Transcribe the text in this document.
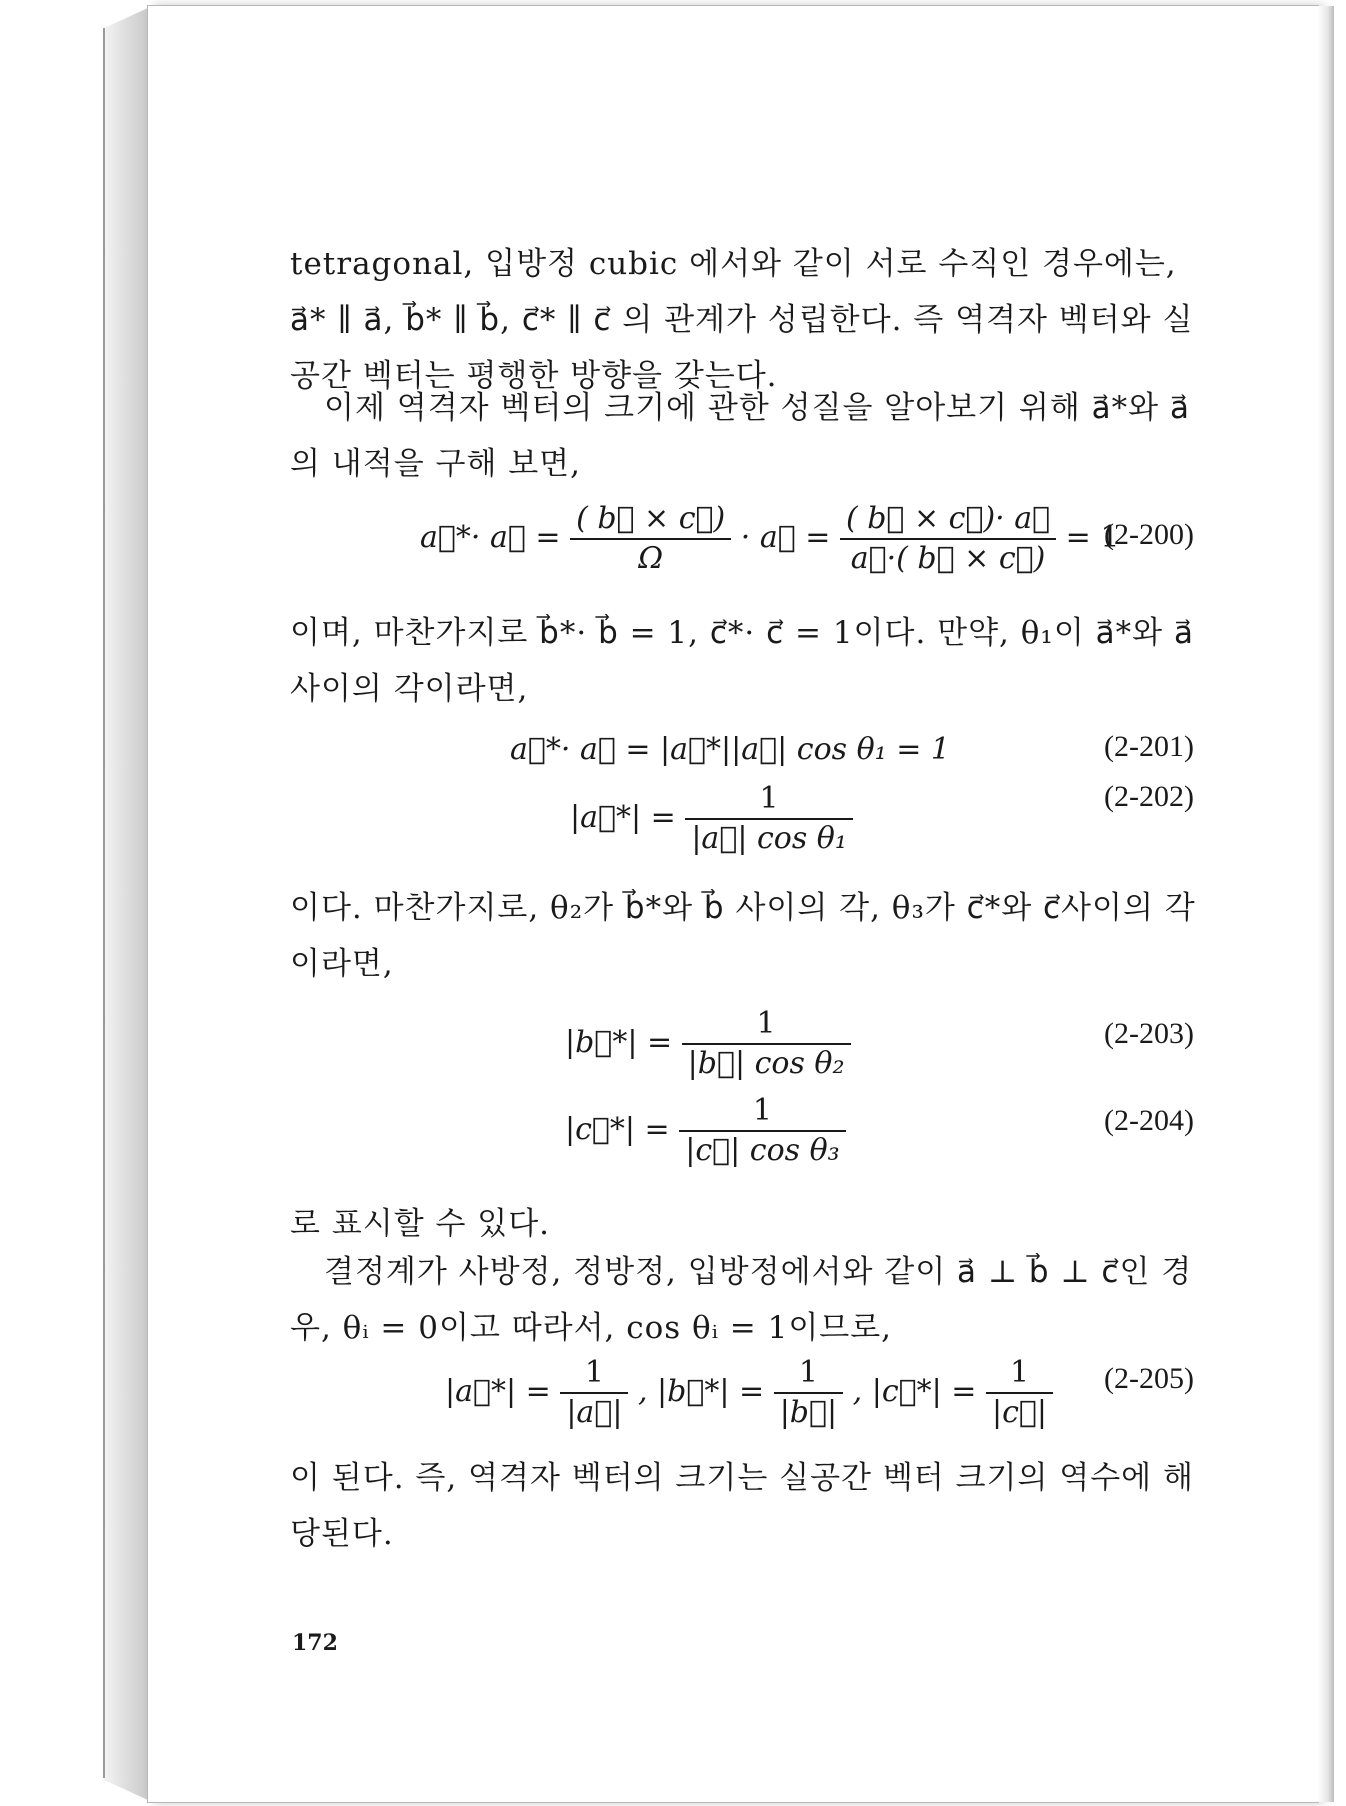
tetragonal, 입방정 cubic 에서와 같이 서로 수직인 경우에는, a⃗* ∥ a⃗, b⃗* ∥ b⃗, c⃗* ∥ c⃗ 의 관계가 성립한다. 즉 역격자 벡터와 실공간 벡터는 평행한 방향을 갖는다.

이제 역격자 벡터의 크기에 관한 성질을 알아보기 위해 a⃗*와 a⃗의 내적을 구해 보면,

a⃗*· a⃗ = $\frac{( b⃗ \times c⃗)}{\Omega}$ · a⃗ = $\frac{( b⃗ \times c⃗)\cdot a⃗}{a⃗\cdot( b⃗ \times c⃗)} = 1$
(2-200)

이며, 마찬가지로 b⃗*· b⃗ = 1, c⃗*· c⃗ = 1이다. 만약, θ₁이 a⃗*와 a⃗ 사이의 각이라면,

a⃗*· a⃗ = |a⃗*||a⃗| cos θ₁ = 1	(2-201)
|a⃗*| = $\frac{1}{\text{|a⃗| cos θ₁}}$	(2-202)

이다. 마찬가지로, θ₂가 b⃗*와 b⃗ 사이의 각, θ₃가 c⃗*와 c⃗사이의 각이라면,

|b⃗*| = $\frac{1}{\text{|b⃗| cos θ₂}}$	(2-203)
|c⃗*| = $\frac{1}{\text{|c⃗| cos θ₃}}$	(2-204)

로 표시할 수 있다.

결정계가 사방정, 정방정, 입방정에서와 같이 a⃗ ⊥ b⃗ ⊥ c⃗인 경우, θᵢ = 0이고 따라서, cos θᵢ = 1이므로,

|a⃗*| = $\frac{1}{|a⃗|}$ , |b⃗*| = $\frac{1}{|b⃗|}$ , |c⃗*| = $\frac{1}{|c⃗|} (2-205)$

이 된다. 즉, 역격자 벡터의 크기는 실공간 벡터 크기의 역수에 해당된다.

172
